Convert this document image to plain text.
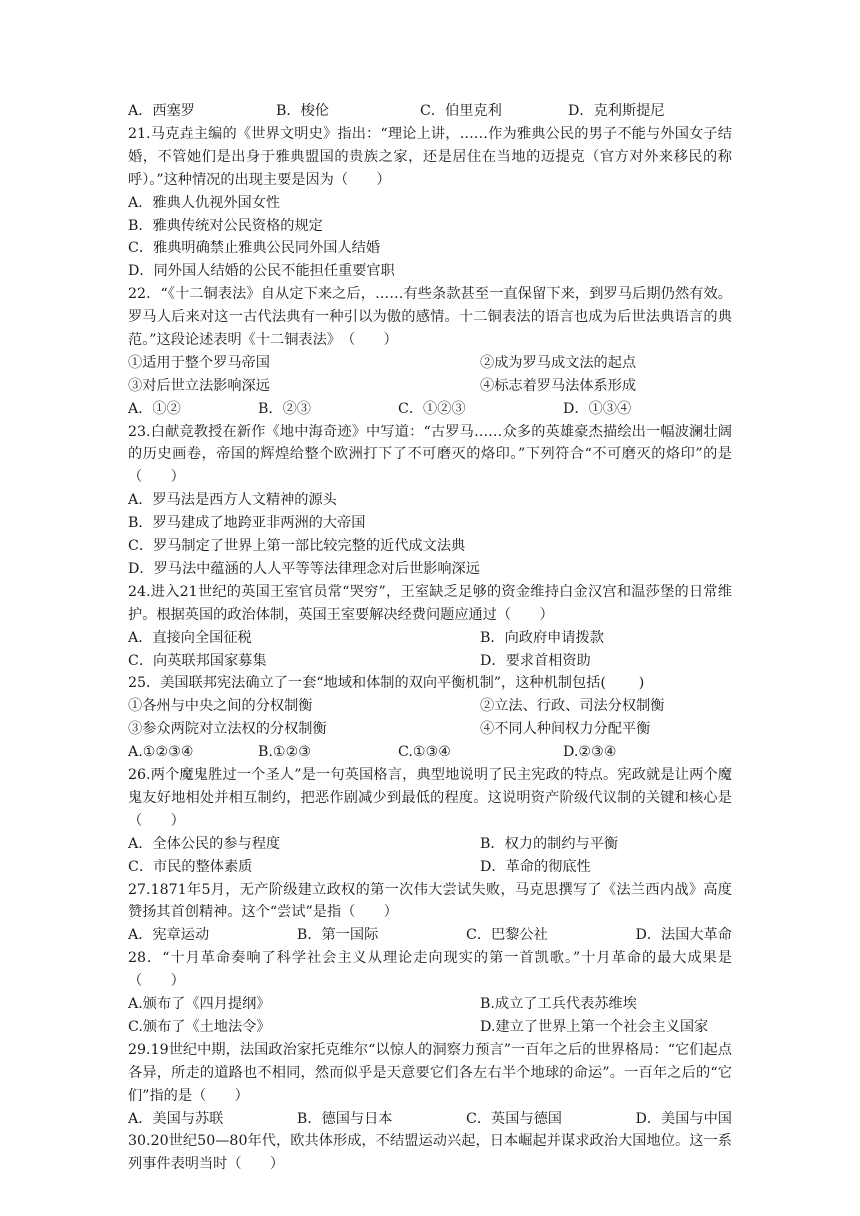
A．西塞罗	B．梭伦	C．伯里克利	D．克利斯提尼
21.马克垚主编的《世界文明史》指出：“理论上讲，……作为雅典公民的男子不能与外国女子结婚，不管她们是出身于雅典盟国的贵族之家，还是居住在当地的迈提克（官方对外来移民的称呼）。”这种情况的出现主要是因为（　　）
A．雅典人仇视外国女性
B．雅典传统对公民资格的规定
C．雅典明确禁止雅典公民同外国人结婚
D．同外国人结婚的公民不能担任重要官职
22．“《十二铜表法》自从定下来之后，……有些条款甚至一直保留下来，到罗马后期仍然有效。罗马人后来对这一古代法典有一种引以为傲的感情。十二铜表法的语言也成为后世法典语言的典范。”这段论述表明《十二铜表法》　（　　）
①适用于整个罗马帝国	②成为罗马成文法的起点
③对后世立法影响深远	④标志着罗马法体系形成
A．①②	B．②③	C．①②③	D．①③④
23.白献竞教授在新作《地中海奇迹》中写道：“古罗马……众多的英雄豪杰描绘出一幅波澜壮阔的历史画卷，帝国的辉煌给整个欧洲打下了不可磨灭的烙印。”下列符合“不可磨灭的烙印”的是（　　）
A．罗马法是西方人文精神的源头
B．罗马建成了地跨亚非两洲的大帝国
C．罗马制定了世界上第一部比较完整的近代成文法典
D．罗马法中蕴涵的人人平等等法律理念对后世影响深远
24.进入21世纪的英国王室官员常“哭穷”，王室缺乏足够的资金维持白金汉宫和温莎堡的日常维护。根据英国的政治体制，英国王室要解决经费问题应通过（　　）
A．直接向全国征税	B．向政府申请拨款
C．向英联邦国家募集	D．要求首相资助
25．美国联邦宪法确立了一套“地域和体制的双向平衡机制”，这种机制包括(　　 )
①各州与中央之间的分权制衡	②立法、行政、司法分权制衡
③参众两院对立法权的分权制衡	④不同人种间权力分配平衡
A.①②③④	B.①②③	C.①③④	D.②③④
26.两个魔鬼胜过一个圣人”是一句英国格言，典型地说明了民主宪政的特点。宪政就是让两个魔鬼友好地相处并相互制约，把恶作剧减少到最低的程度。这说明资产阶级代议制的关键和核心是（　　）
A．全体公民的参与程度	B．权力的制约与平衡
C．市民的整体素质	D．革命的彻底性
27.1871年5月，无产阶级建立政权的第一次伟大尝试失败，马克思撰写了《法兰西内战》高度赞扬其首创精神。这个“尝试”是指（　　）
A．宪章运动	B．第一国际	C．巴黎公社	D．法国大革命
28．“十月革命奏响了科学社会主义从理论走向现实的第一首凯歌。”十月革命的最大成果是（　　）
A.颁布了《四月提纲》	B.成立了工兵代表苏维埃
C.颁布了《土地法令》	D.建立了世界上第一个社会主义国家
29.19世纪中期，法国政治家托克维尔“以惊人的洞察力预言”一百年之后的世界格局：“它们起点各异，所走的道路也不相同，然而似乎是天意要它们各左右半个地球的命运”。一百年之后的“它们”指的是（　　）
A．美国与苏联	B．德国与日本	C．英国与德国	D．美国与中国
30.20世纪50—80年代，欧共体形成，不结盟运动兴起，日本崛起并谋求政治大国地位。这一系列事件表明当时（　　）
